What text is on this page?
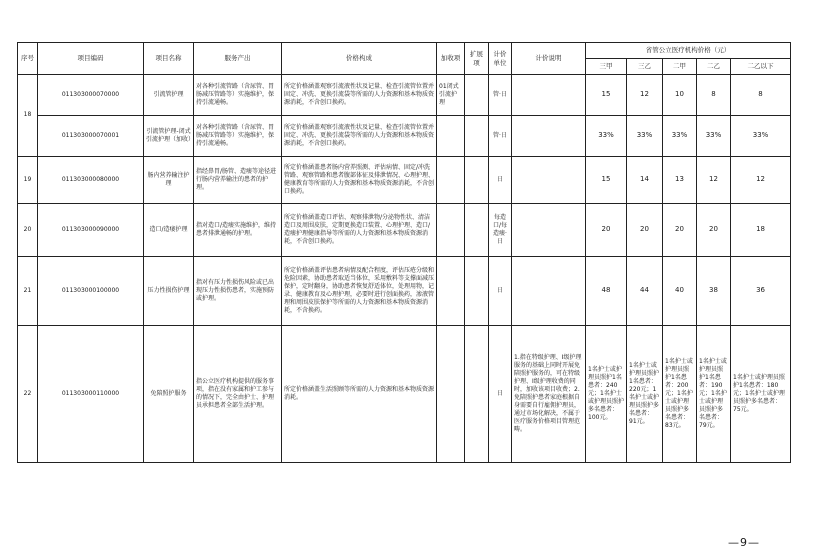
序号	项目编码	项目名称	服务产出	价格构成	加收项	扩展项	计价单位	计价说明	省管公立医疗机构价格（元）				
									三甲	三乙	二甲	二乙	二乙以下
18	011303000070000	引流管护理	对各种引流管路（含尿管、胃肠减压管路等）实施维护，保持引流通畅。	所定价格涵盖观察引流液性状及记量、检查引流管位置并固定、冲洗、更换引流袋等所需的人力资源和基本物质资源消耗，不含创口换药。	01闭式引流护理		管·日		15	12	10	8	8
	011303000070001	引流管护理-闭式引流护理（加收）	对各种引流管路（含尿管、胃肠减压管路等）实施维护，保持引流通畅。	所定价格涵盖观察引流液性状及记量、检查引流管位置并固定、冲洗、更换引流袋等所需的人力资源和基本物质资源消耗，不含创口换药。			管·日		33%	33%	33%	33%	33%
19	011303000080000	肠内营养输注护理	指经鼻胃/肠管、造瘘等途径进行肠内营养输注的患者的护理。	所定价格涵盖患者肠内营养照测、评估病情、固定/冲洗管路、观察管路和患者腹部体征及排泄情况、心理护理、健康教育等所需的人力资源和基本物质资源消耗，不含创口换药。			日		15	14	13	12	12
20	011303000090000	造口/造瘘护理	指对造口/造瘘实施维护，维持患者排泄通畅的护理。	所定价格涵盖造口评估、观察排泄物/分泌物性状、清洁造口及周围皮肤，定期更换造口装置、心理护理、造口/造瘘护理健康指导等所需的人力资源和基本物质资源消耗，不含创口换药。			每造口/每造瘘·日		20	20	20	20	18
21	011303000100000	压力性损伤护理	指对有压力性损伤风险或已出现压力性损伤患者，实施预防或护理。	所定价格涵盖评估患者病情及配合程度，评估压疮分级和危险因素，协助患者取适当体位，采用敷料等支撑面减压保护，定时翻身，协助患者恢复舒适体位，处理用物，记录、健康教育及心理护理，必要时进行创面换药，渗液管理和周围皮肤保护等所需的人力资源和基本物质资源消耗，不含换药。			日		48	44	40	38	36
22	011303000110000	免陪照护服务	指公立医疗机构提供的服务事项，指在没有家属和护工参与的情况下，完全由护士、护理员承担患者全部生活护理。	所定价格涵盖生活照顾等所需的人力资源和基本物质资源消耗。			日	1.指在特级护理、I级护理服务的基础上同时开展免陪照护服务的，可在特级护理、I级护理收费的同时，加收该项目收费；2.免陪照护患者家庭根据自身需要自行雇佣护理员，通过市场化解决，不属于医疗服务价格项目管理范畴。	1名护士或护理员照护1名患者：240元；1名护士或护理员照护多名患者：100元。	1名护士或护理员照护1名患者：220元；1名护士或护理员照护多名患者：91元。	1名护士或护理员照护1名患者：200元；1名护士或护理员照护多名患者：83元。	1名护士或护理员照护1名患者：190元；1名护士或护理员照护多名患者：79元。	1名护士或护理员照护1名患者：180元；1名护士或护理员照护多名患者：75元。
—9—
